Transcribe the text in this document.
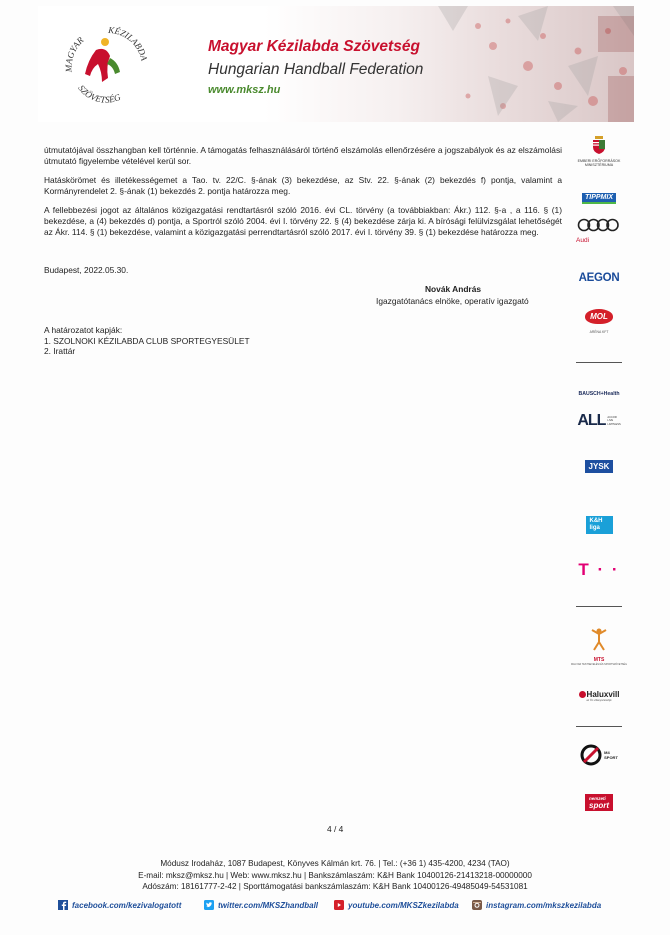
MAGYAR
KÉZILABDA
SZÖVETSÉG
Magyar Kézilabda Szövetség
Hungarian Handball Federation
www.mksz.hu

útmutatójával összhangban kell történnie. A támogatás felhasználásáról történő elszámolás ellenőrzésére a jogszabályok és az elszámolási útmutató figyelembe vételével kerül sor.

Hatáskörömet és illetékességemet a Tao. tv. 22/C. §-ának (3) bekezdése, az Stv. 22. §-ának (2) bekezdés f) pontja, valamint a Kormányrendelet 2. §-ának (1) bekezdés 2. pontja határozza meg.

A fellebbezési jogot az általános közigazgatási rendtartásról szóló 2016. évi CL. törvény (a továbbiakban: Ákr.) 112. §-a , a 116. § (1) bekezdése, a (4) bekezdés d) pontja, a Sportról szóló 2004. évi I. törvény 22. § (4) bekezdése zárja ki. A bírósági felülvizsgálat lehetőségét az Ákr. 114. § (1) bekezdése, valamint a közigazgatási perrendtartásról szóló 2017. évi I. törvény 39. § (1) bekezdése határozza meg.

Budapest, 2022.05.30.
Novák András
Igazgatótanács elnöke, operatív igazgató
A határozatot kapják:
1. SZOLNOKI KÉZILABDA CLUB SPORTEGYESÜLET
2. Irattár
4 / 4
EMBERI ERŐFORRÁSOK
MINISZTÉRIUMA
TIPPMIX
Audi
AEGON
MOL
ARÉNA KFT
BAUSCH+Health
ALL ACCOR
LIVE
LIMITLESS
JYSK
K&H
liga
T · ·
MTS
MAGYAR TESTNEVELÉSI ÉS SPORTSZÖVETSÉG
Haluxvill
az Ön villanyszerelője
M4
SPORT
nemzeti
sport
Módusz Irodaház, 1087 Budapest, Könyves Kálmán krt. 76. | Tel.: (+36 1) 435-4200, 4234 (TAO)
E-mail: mksz@mksz.hu | Web: www.mksz.hu | Bankszámlaszám: K&H Bank 10400126-21413218-00000000
Adószám: 18161777-2-42 | Sporttámogatási bankszámlaszám: K&H Bank 10400126-49485049-54531081
facebook.com/kezivalogatott	twitter.com/MKSZhandball	youtube.com/MKSZkezilabda	instagram.com/mkszkezilabda
